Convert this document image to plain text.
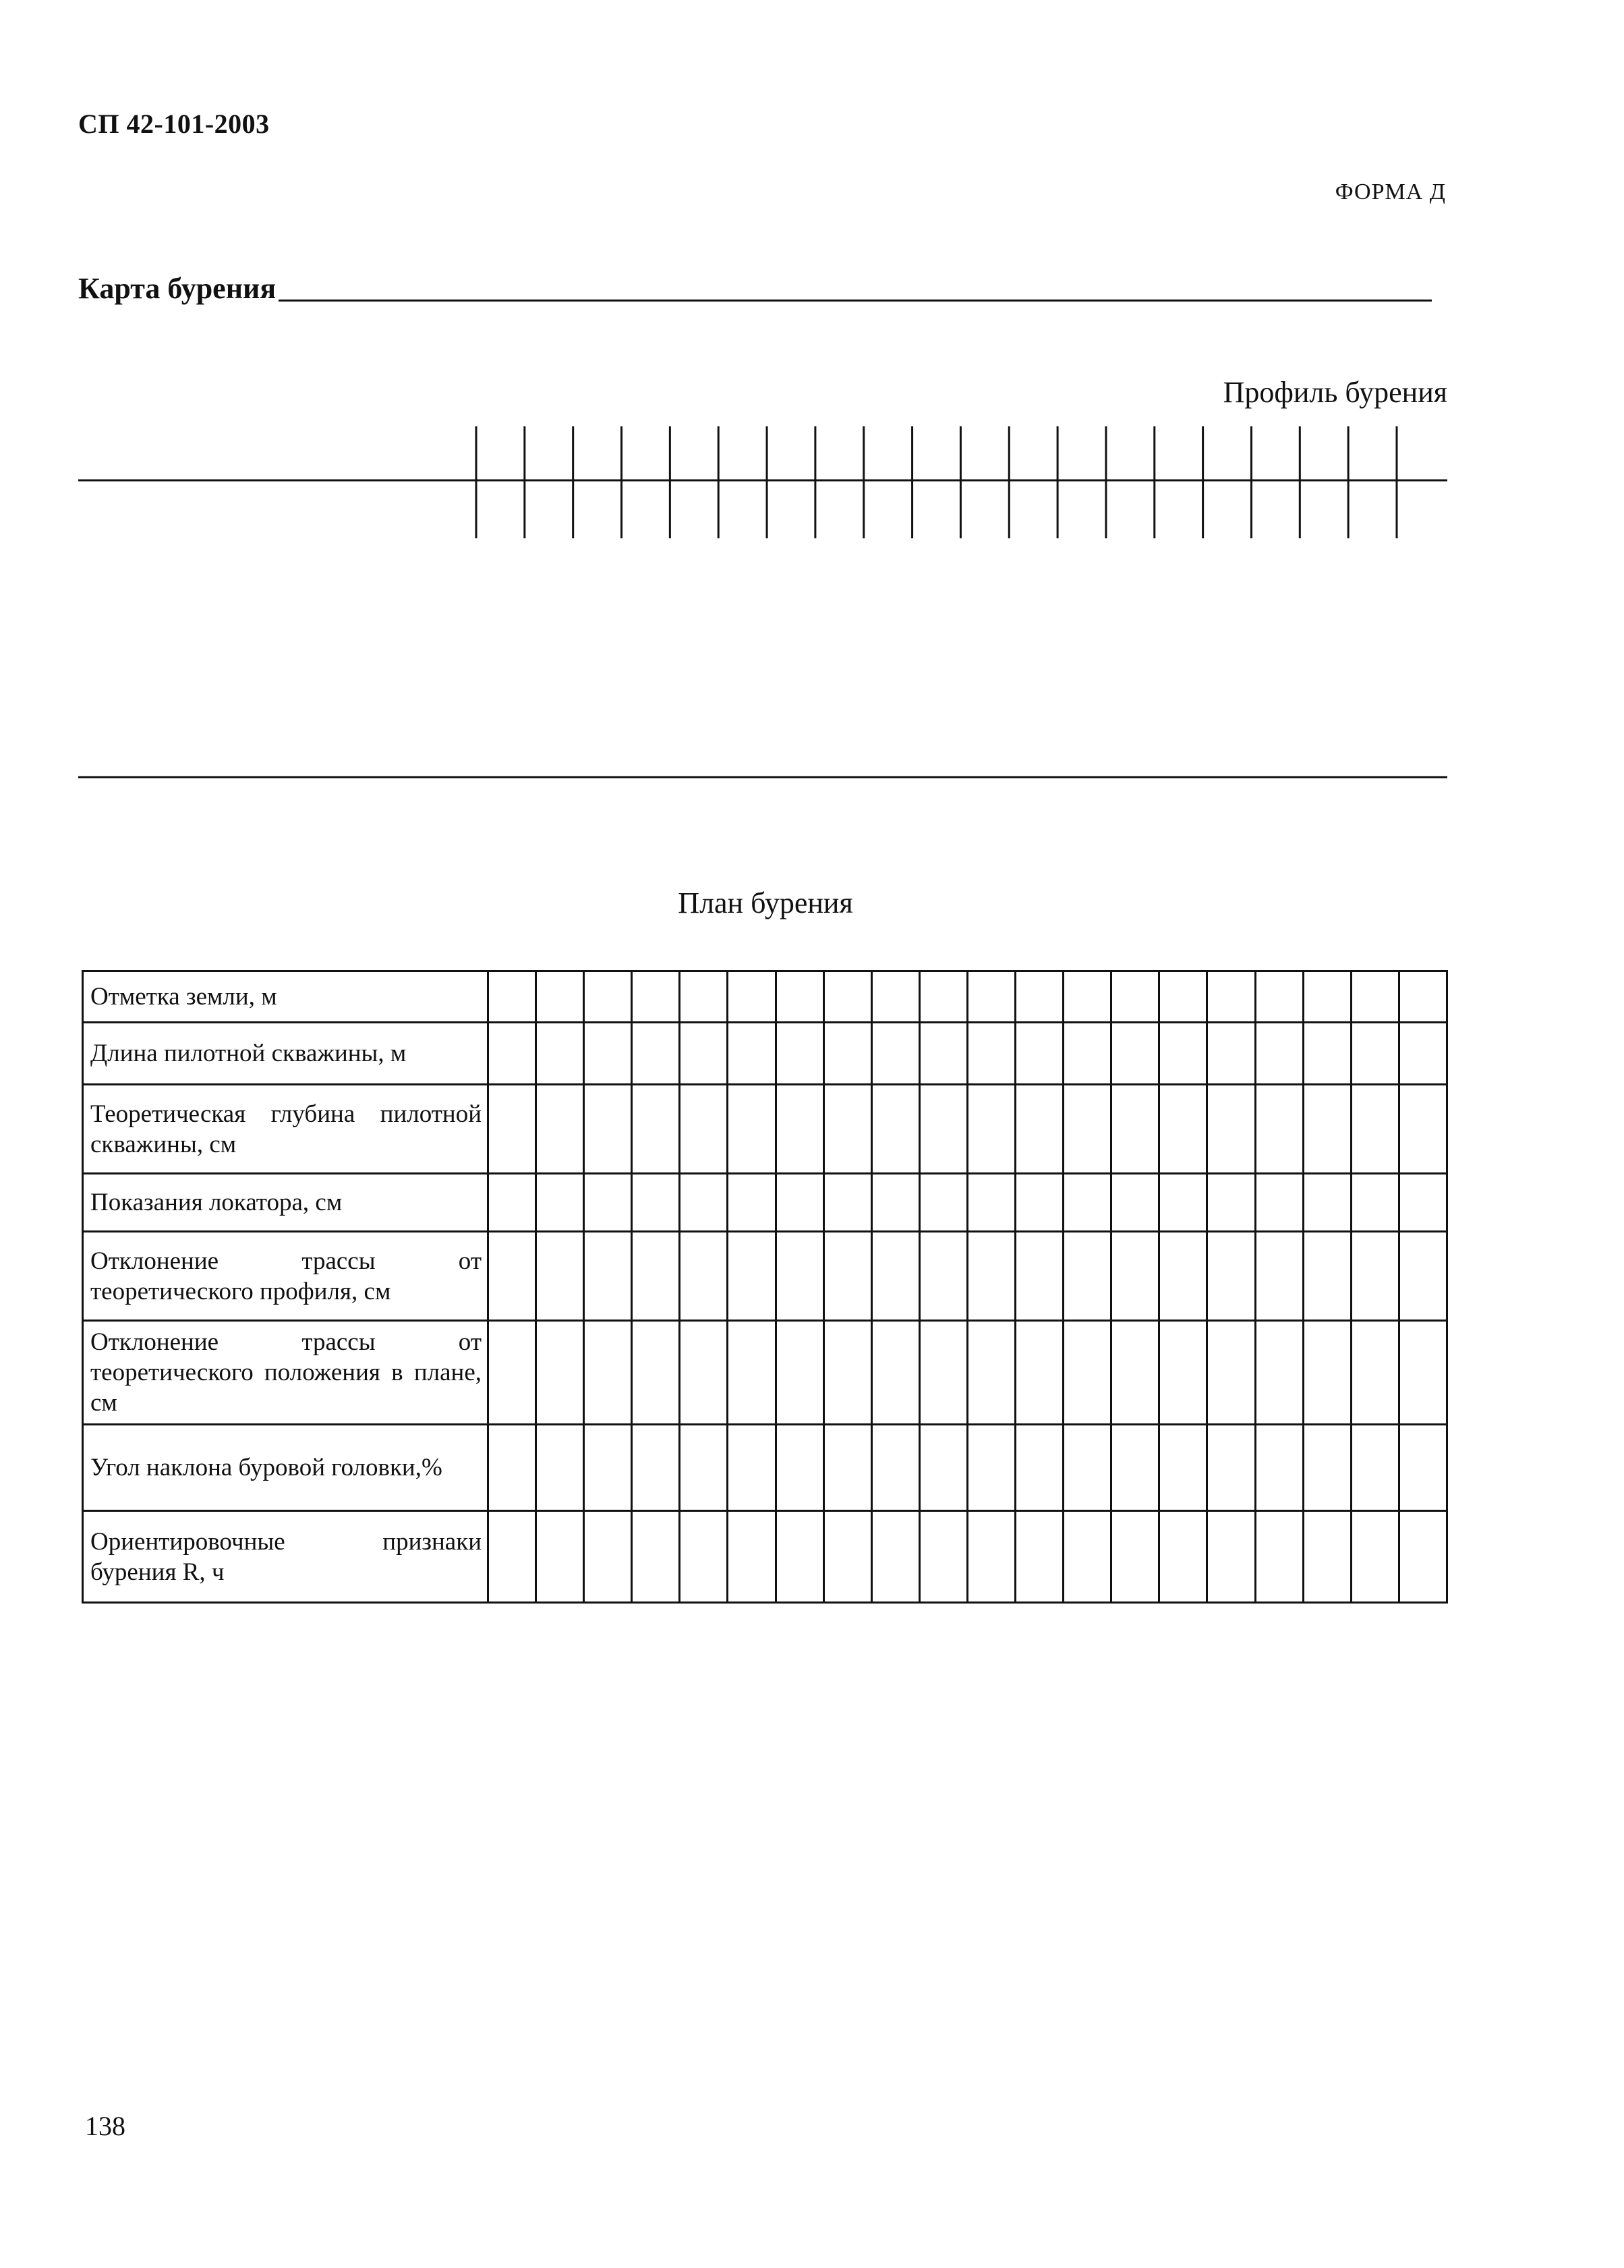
СП 42-101-2003
ФОРМА Д
Карта бурения
Профиль бурения
План бурения
Отметка земли, м																				
Длина пилотной скважины, м																				
Теоретическая глубина пилотной скважины, см																				
Показания локатора, см																				
Отклонение трассы от теоретического профиля, см																				
Отклонение трассы от теоретического положения в плане, см																				
Угол наклона буровой головки,%																				
Ориентировочные признаки бурения R, ч																				
138
